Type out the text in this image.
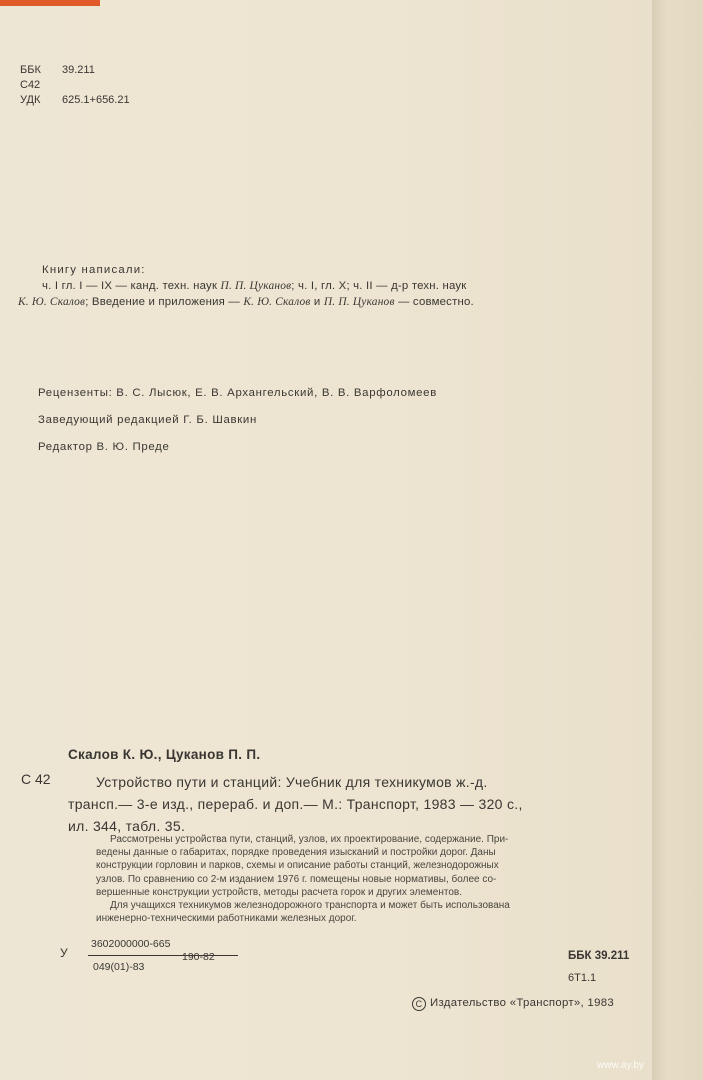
ББК	39.211
С42
УДК	625.1+656.21
Книгу написали:
ч. I гл. I — IX — канд. техн. наук П. П. Цуканов; ч. I, гл. X; ч. II — д-р техн. наук
К. Ю. Скалов; Введение и приложения — К. Ю. Скалов и П. П. Цуканов — совместно.
Рецензенты: В. С. Лысюк, Е. В. Архангельский, В. В. Варфоломеев
Заведующий редакцией Г. Б. Шавкин
Редактор В. Ю. Преде
Скалов К. Ю., Цуканов П. П.
С 42	Устройство пути и станций: Учебник для техникумов ж.-д.
трансп.— 3-е изд., перераб. и доп.— М.: Транспорт, 1983 — 320 с.,
ил. 344, табл. 35.
Рассмотрены устройства пути, станций, узлов, их проектирование, содержание. При-
ведены данные о габаритах, порядке проведения изысканий и постройки дорог. Даны
конструкции горловин и парков, схемы и описание работы станций, железнодорожных
узлов. По сравнению со 2-м изданием 1976 г. помещены новые нормативы, более со-
вершенные конструкции устройств, методы расчета горок и других элементов.
Для учащихся техникумов железнодорожного транспорта и может быть использована
инженерно-техническими работниками железных дорог.
У
3602000000-665
049(01)-83
190-82	ББК 39.211
6Т1.1
С Издательство «Транспорт», 1983
www.ay.by
